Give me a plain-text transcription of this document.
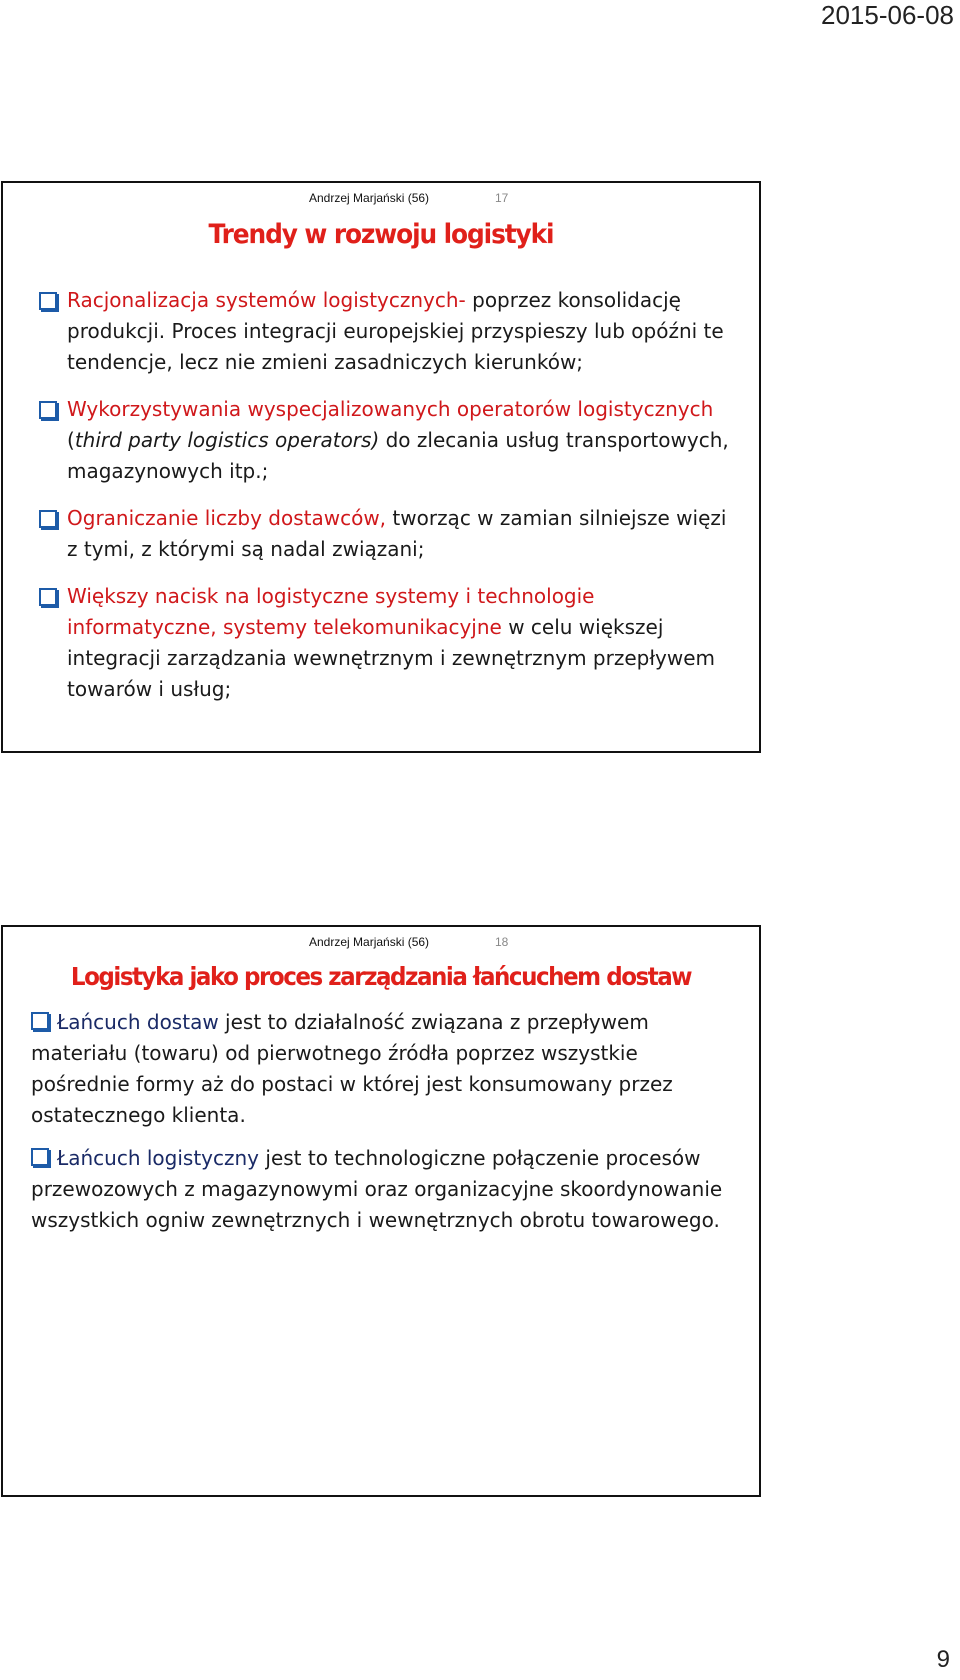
2015-06-08
Andrzej Marjański (56)	17
Trendy w rozwoju logistyki
Racjonalizacja systemów logistycznych- poprzez konsolidację produkcji. Proces integracji europejskiej przyspieszy lub opóźni te tendencje, lecz nie zmieni zasadniczych kierunków;
Wykorzystywania wyspecjalizowanych operatorów logistycznych (third party logistics operators) do zlecania usług transportowych, magazynowych itp.;
Ograniczanie liczby dostawców, tworząc w zamian silniejsze więzi z tymi, z którymi są nadal związani;
Większy nacisk na logistyczne systemy i technologie informatyczne, systemy telekomunikacyjne w celu większej integracji zarządzania wewnętrznym i zewnętrznym przepływem towarów i usług;
Andrzej Marjański (56)	18
Logistyka jako proces zarządzania łańcuchem dostaw
Łańcuch dostaw jest to działalność związana z przepływem materiału (towaru) od pierwotnego źródła poprzez wszystkie pośrednie formy aż do postaci w której jest konsumowany przez ostatecznego klienta.
Łańcuch logistyczny jest to technologiczne połączenie procesów przewozowych z magazynowymi oraz organizacyjne skoordynowanie wszystkich ogniw zewnętrznych i wewnętrznych obrotu towarowego.
9
